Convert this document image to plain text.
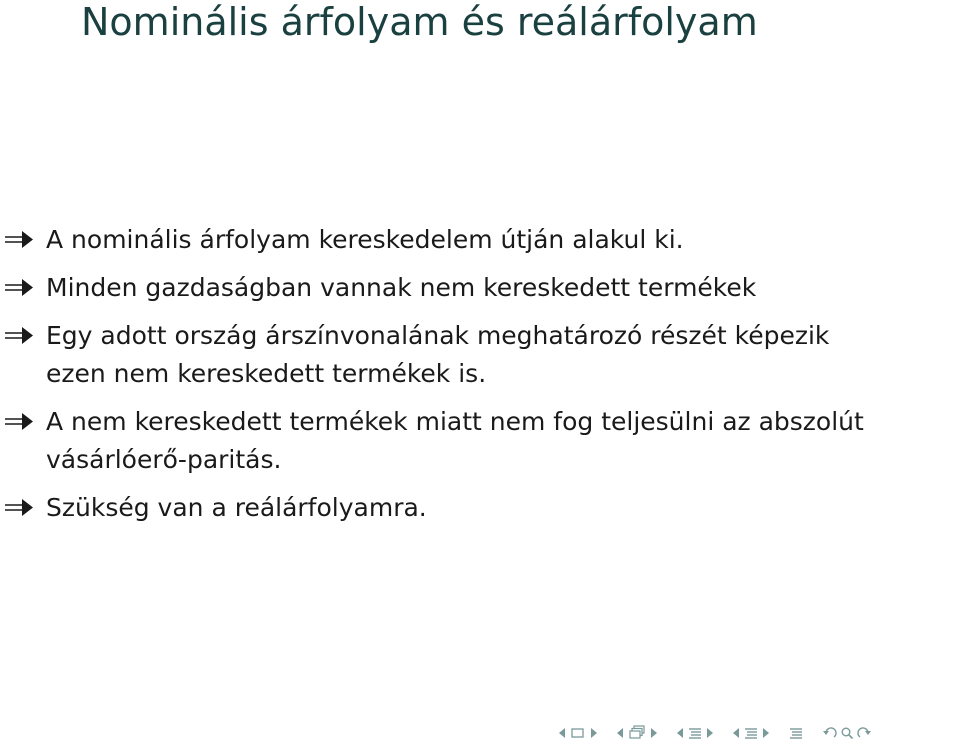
Nominális árfolyam és reálárfolyam
A nominális árfolyam kereskedelem útján alakul ki.
Minden gazdaságban vannak nem kereskedett termékek
Egy adott ország árszínvonalának meghatározó részét képezik ezen nem kereskedett termékek is.
A nem kereskedett termékek miatt nem fog teljesülni az abszolút vásárlóerő-paritás.
Szükség van a reálárfolyamra.
